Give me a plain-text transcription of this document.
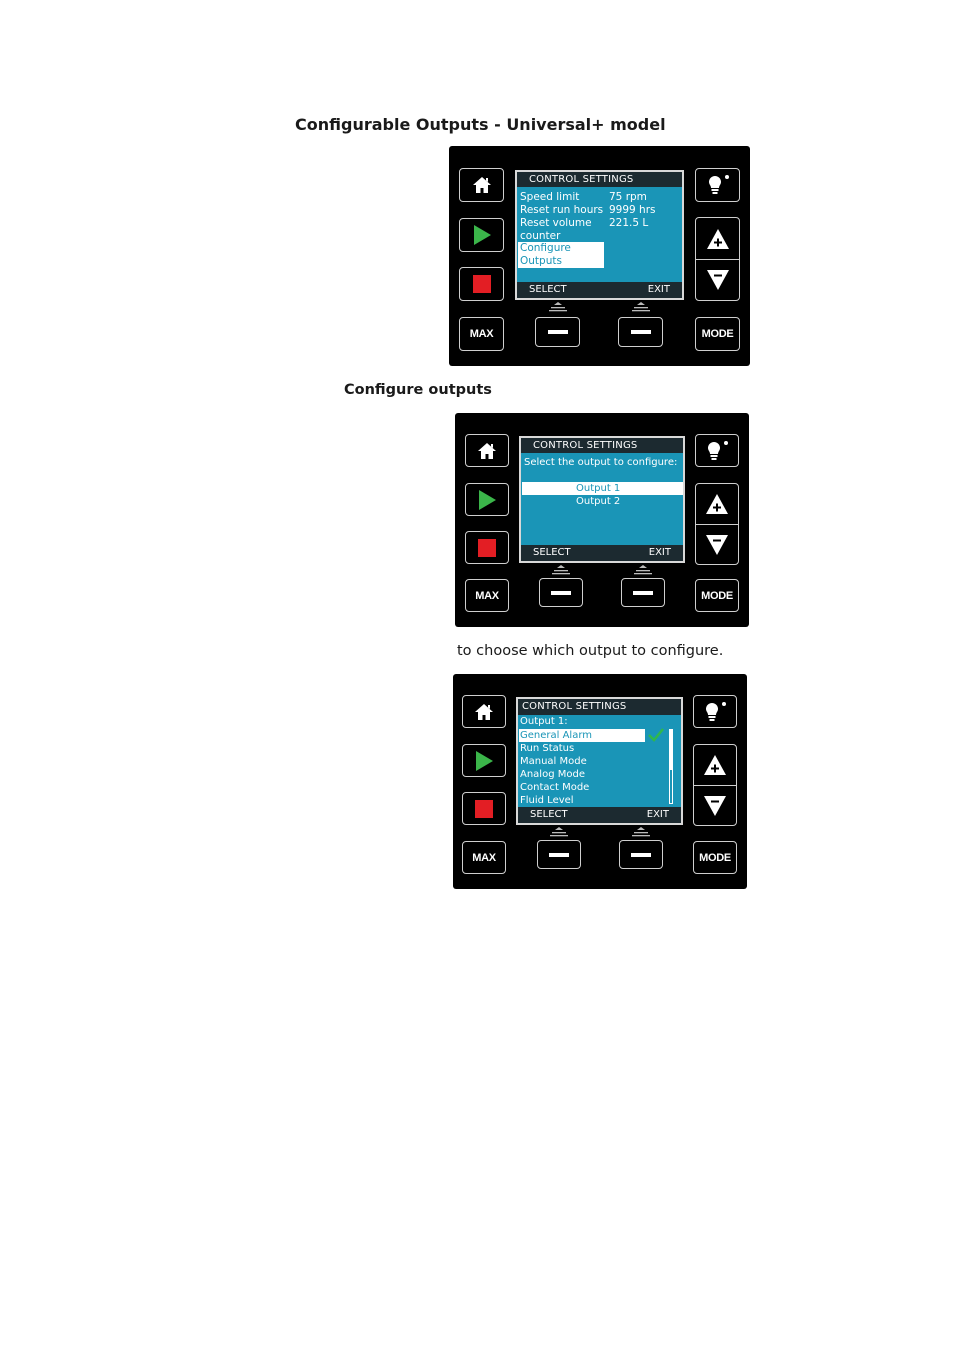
Configurable Outputs - Universal+ model
MAX
CONTROL SETTINGS
Speed limit	75 rpm
Reset run hours 9999 hrs
Reset volume 221.5 L
counter
Configure
Outputs
SELECT	EXIT
MODE
Configure outputs
MAX
CONTROL SETTINGS
Select the output to configure:
Output 1
Output 2
SELECT	EXIT
MODE

to choose which output to configure.

MAX
CONTROL SETTINGS
Output 1:
General Alarm
Run Status
Manual Mode
Analog Mode
Contact Mode
Fluid Level
SELECT	EXIT
MODE
